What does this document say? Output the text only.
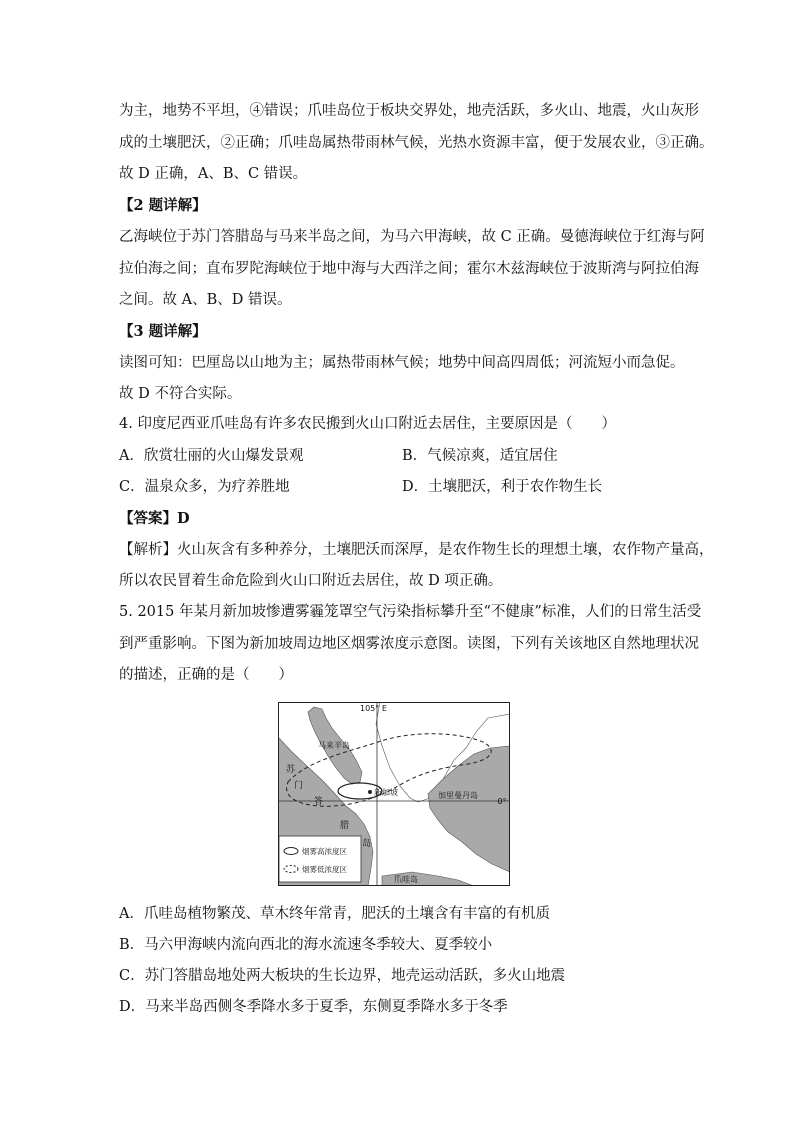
为主，地势不平坦，④错误；爪哇岛位于板块交界处，地壳活跃，多火山、地震，火山灰形
成的土壤肥沃，②正确；爪哇岛属热带雨林气候，光热水资源丰富，便于发展农业，③正确。
故 D 正确，A、B、C 错误。
【2 题详解】
乙海峡位于苏门答腊岛与马来半岛之间，为马六甲海峡，故 C 正确。曼德海峡位于红海与阿
拉伯海之间；直布罗陀海峡位于地中海与大西洋之间；霍尔木兹海峡位于波斯湾与阿拉伯海
之间。故 A、B、D 错误。
【3 题详解】
读图可知：巴厘岛以山地为主；属热带雨林气候；地势中间高四周低；河流短小而急促。
故 D 不符合实际。
4. 印度尼西亚爪哇岛有许多农民搬到火山口附近去居住，主要原因是（　　）
A．欣赏壮丽的火山爆发景观	B．气候凉爽，适宜居住
C．温泉众多，为疗养胜地	D．土壤肥沃，利于农作物生长
【答案】D
【解析】火山灰含有多种养分，土壤肥沃而深厚，是农作物生长的理想土壤，农作物产量高，
所以农民冒着生命危险到火山口附近去居住，故 D 项正确。
5. 2015 年某月新加坡惨遭雾霾笼罩空气污染指标攀升至“不健康”标准，人们的日常生活受
到严重影响。下图为新加坡周边地区烟雾浓度示意图。读图，下列有关该地区自然地理状况
的描述，正确的是（　　）
105° E
0°
马来半岛
苏
门
答
腊
岛
新加坡	加里曼丹岛
爪哇岛
烟雾高浓度区
烟雾低浓度区
A．爪哇岛植物繁茂、草木终年常青，肥沃的土壤含有丰富的有机质
B．马六甲海峡内流向西北的海水流速冬季较大、夏季较小
C．苏门答腊岛地处两大板块的生长边界，地壳运动活跃，多火山地震
D．马来半岛西侧冬季降水多于夏季，东侧夏季降水多于冬季
